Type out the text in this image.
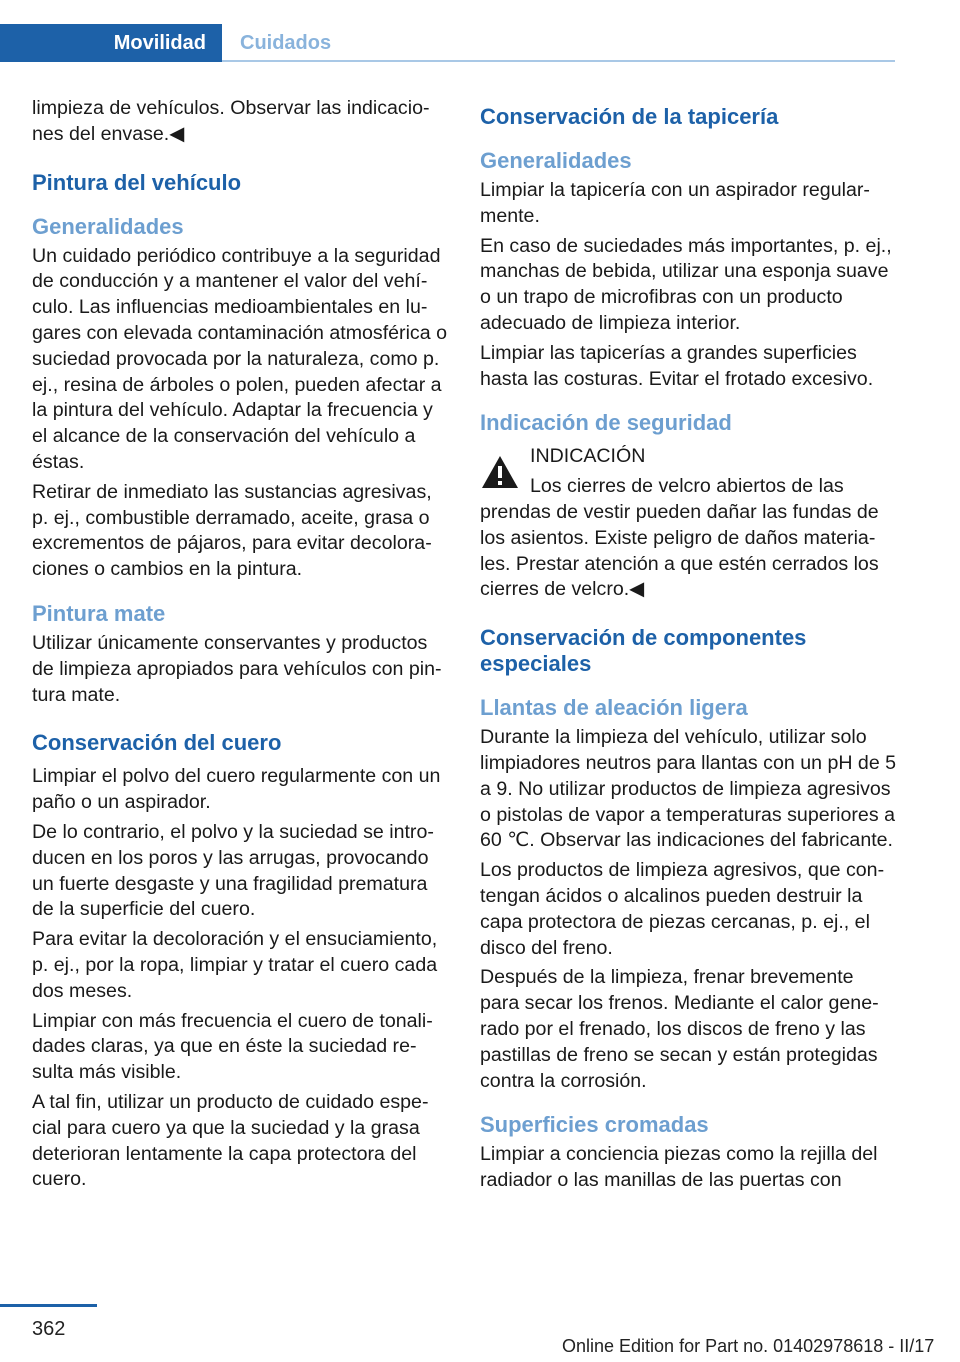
Movilidad	Cuidados

limpieza de vehículos. Observar las indicaciones del envase.◀

Pintura del vehículo
Generalidades

Un cuidado periódico contribuye a la seguridad de conducción y a mantener el valor del vehículo. Las influencias medioambientales en lugares con elevada contaminación atmosférica o suciedad provocada por la naturaleza, como p. ej., resina de árboles o polen, pueden afectar a la pintura del vehículo. Adaptar la frecuencia y el alcance de la conservación del vehículo a éstas.

Retirar de inmediato las sustancias agresivas, p. ej., combustible derramado, aceite, grasa o excrementos de pájaros, para evitar decoloraciones o cambios en la pintura.

Pintura mate

Utilizar únicamente conservantes y productos de limpieza apropiados para vehículos con pintura mate.

Conservación del cuero

Limpiar el polvo del cuero regularmente con un paño o un aspirador.

De lo contrario, el polvo y la suciedad se introducen en los poros y las arrugas, provocando un fuerte desgaste y una fragilidad prematura de la superficie del cuero.

Para evitar la decoloración y el ensuciamiento, p. ej., por la ropa, limpiar y tratar el cuero cada dos meses.

Limpiar con más frecuencia el cuero de tonalidades claras, ya que en éste la suciedad resulta más visible.

A tal fin, utilizar un producto de cuidado especial para cuero ya que la suciedad y la grasa deterioran lentamente la capa protectora del cuero.

Conservación de la tapicería
Generalidades

Limpiar la tapicería con un aspirador regularmente.

En caso de suciedades más importantes, p. ej., manchas de bebida, utilizar una esponja suave o un trapo de microfibras con un producto adecuado de limpieza interior.

Limpiar las tapicerías a grandes superficies hasta las costuras. Evitar el frotado excesivo.

Indicación de seguridad

INDICACIÓN

Los cierres de velcro abiertos de las prendas de vestir pueden dañar las fundas de los asientos. Existe peligro de daños materiales. Prestar atención a que estén cerrados los cierres de velcro.◀

Conservación de componentes especiales
Llantas de aleación ligera

Durante la limpieza del vehículo, utilizar solo limpiadores neutros para llantas con un pH de 5 a 9. No utilizar productos de limpieza agresivos o pistolas de vapor a temperaturas superiores a 60 ℃. Observar las indicaciones del fabricante.

Los productos de limpieza agresivos, que contengan ácidos o alcalinos pueden destruir la capa protectora de piezas cercanas, p. ej., el disco del freno.

Después de la limpieza, frenar brevemente para secar los frenos. Mediante el calor generado por el frenado, los discos de freno y las pastillas de freno se secan y están protegidas contra la corrosión.

Superficies cromadas

Limpiar a conciencia piezas como la rejilla del radiador o las manillas de las puertas con

362
Online Edition for Part no. 01402978618 - II/17
